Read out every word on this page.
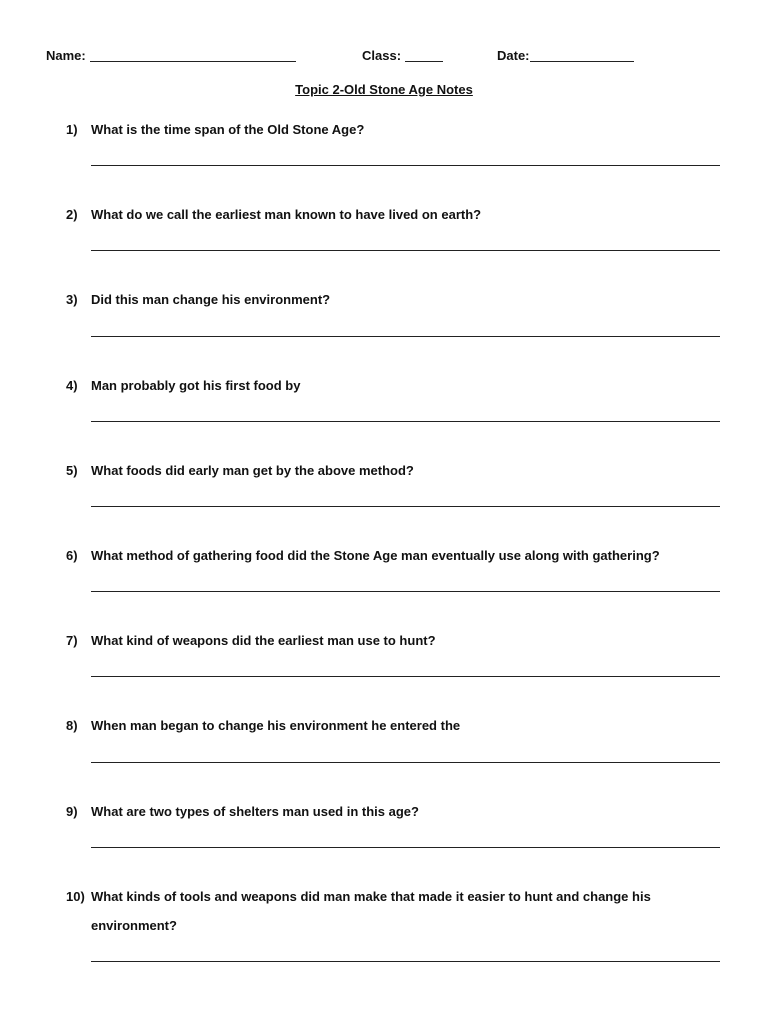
Name:	Class:	Date:
Topic 2-Old Stone Age Notes
1)	What is the time span of the Old Stone Age?
2)	What do we call the earliest man known to have lived on earth?
3)	Did this man change his environment?
4)	Man probably got his first food by
5)	What foods did early man get by the above method?
6)	What method of gathering food did the Stone Age man eventually use along with gathering?
7)	What kind of weapons did the earliest man use to hunt?
8)	When man began to change his environment he entered the
9)	What are two types of shelters man used in this age?
10) What kinds of tools and weapons did man make that made it easier to hunt and change his environment?
